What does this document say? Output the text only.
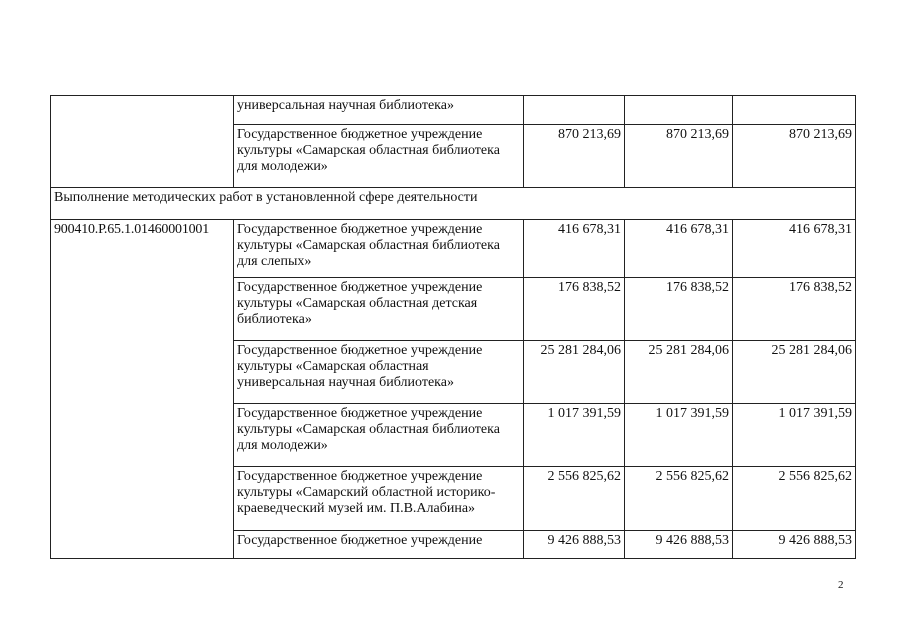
	универсальная научная библиотека»			
	Государственное бюджетное учреждение культуры «Самарская областная библиотека для молодежи»	870 213,69	870 213,69	870 213,69
Выполнение методических работ в установленной сфере деятельности				
900410.Р.65.1.01460001001	Государственное бюджетное учреждение культуры «Самарская областная библиотека для слепых»	416 678,31	416 678,31	416 678,31
	Государственное бюджетное учреждение культуры «Самарская областная детская библиотека»	176 838,52	176 838,52	176 838,52
	Государственное бюджетное учреждение культуры «Самарская областная универсальная научная библиотека»	25 281 284,06	25 281 284,06	25 281 284,06
	Государственное бюджетное учреждение культуры «Самарская областная библиотека для молодежи»	1 017 391,59	1 017 391,59	1 017 391,59
	Государственное бюджетное учреждение культуры «Самарский областной историко-краеведческий музей им. П.В.Алабина»	2 556 825,62	2 556 825,62	2 556 825,62
	Государственное бюджетное учреждение	9 426 888,53	9 426 888,53	9 426 888,53
2
